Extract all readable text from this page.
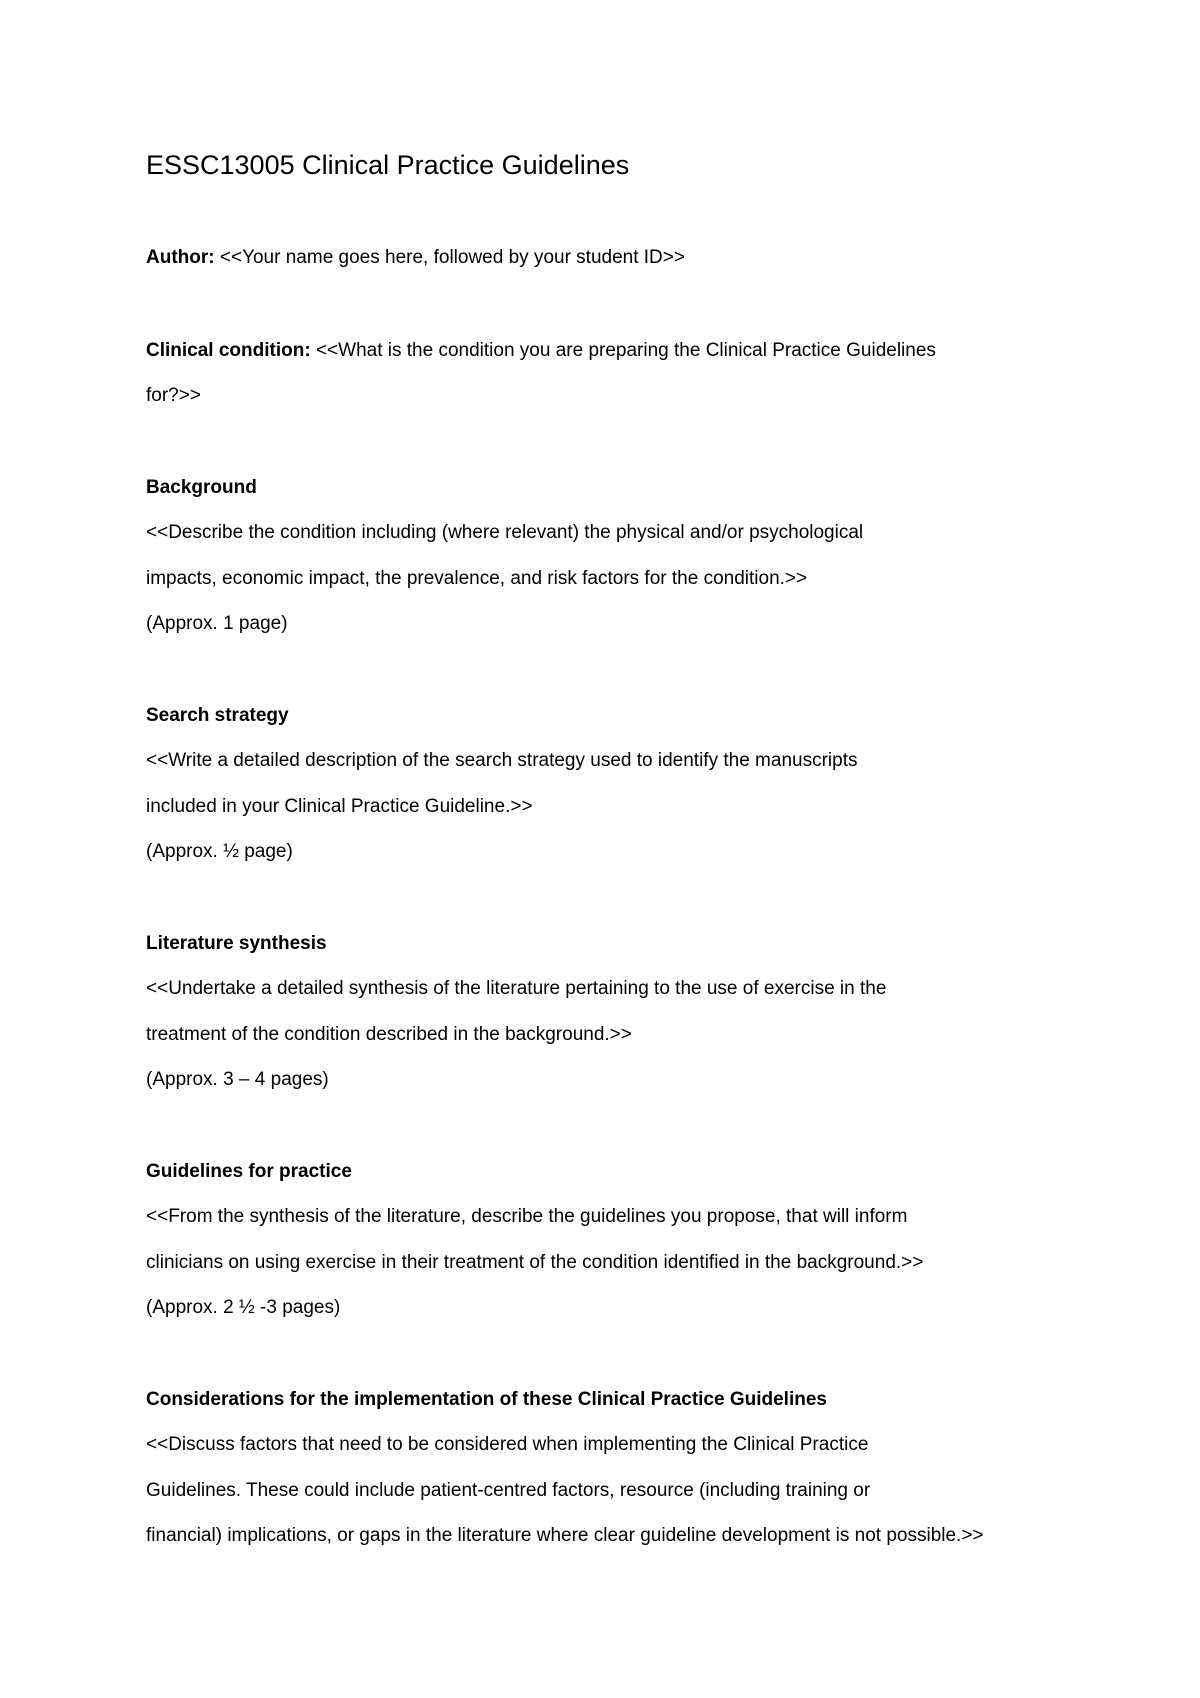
ESSC13005 Clinical Practice Guidelines

Author: <<Your name goes here, followed by your student ID>>

Clinical condition: <<What is the condition you are preparing the Clinical Practice Guidelines

for?>>

Background

<<Describe the condition including (where relevant) the physical and/or psychological

impacts, economic impact, the prevalence, and risk factors for the condition.>>

(Approx. 1 page)

Search strategy

<<Write a detailed description of the search strategy used to identify the manuscripts

included in your Clinical Practice Guideline.>>

(Approx. ½ page)

Literature synthesis

<<Undertake a detailed synthesis of the literature pertaining to the use of exercise in the

treatment of the condition described in the background.>>

(Approx. 3 – 4 pages)

Guidelines for practice

<<From the synthesis of the literature, describe the guidelines you propose, that will inform

clinicians on using exercise in their treatment of the condition identified in the background.>>

(Approx. 2 ½ -3 pages)

Considerations for the implementation of these Clinical Practice Guidelines

<<Discuss factors that need to be considered when implementing the Clinical Practice

Guidelines. These could include patient-centred factors, resource (including training or

financial) implications, or gaps in the literature where clear guideline development is not possible.>>
